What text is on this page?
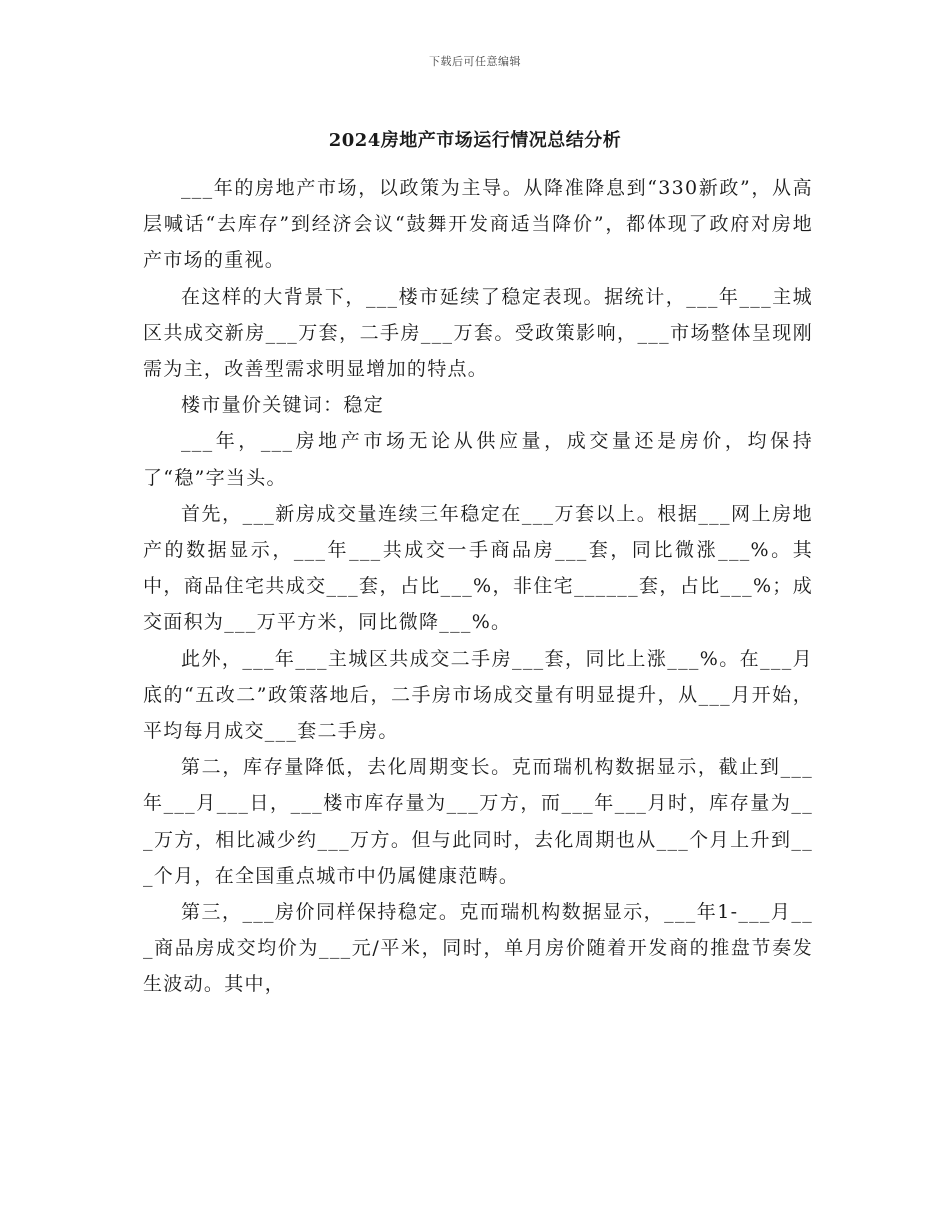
下载后可任意编辑
2024房地产市场运行情况总结分析

___年的房地产市场，以政策为主导。从降准降息到“330新政”，从高层喊话“去库存”到经济会议“鼓舞开发商适当降价”，都体现了政府对房地产市场的重视。

在这样的大背景下，___楼市延续了稳定表现。据统计，___年___主城区共成交新房___万套，二手房___万套。受政策影响，___市场整体呈现刚需为主，改善型需求明显增加的特点。

楼市量价关键词：稳定

___年，___房地产市场无论从供应量，成交量还是房价，均保持了“稳”字当头。

首先，___新房成交量连续三年稳定在___万套以上。根据___网上房地产的数据显示，___年___共成交一手商品房___套，同比微涨___%。其中，商品住宅共成交___套，占比___%，非住宅______套，占比___%；成交面积为___万平方米，同比微降___%。

此外，___年___主城区共成交二手房___套，同比上涨___%。在___月底的“五改二”政策落地后，二手房市场成交量有明显提升，从___月开始，平均每月成交___套二手房。

第二，库存量降低，去化周期变长。克而瑞机构数据显示，截止到___年___月___日，___楼市库存量为___万方，而___年___月时，库存量为___万方，相比减少约___万方。但与此同时，去化周期也从___个月上升到___个月，在全国重点城市中仍属健康范畴。

第三，___房价同样保持稳定。克而瑞机构数据显示，___年1-___月___商品房成交均价为___元/平米，同时，单月房价随着开发商的推盘节奏发生波动。其中，
